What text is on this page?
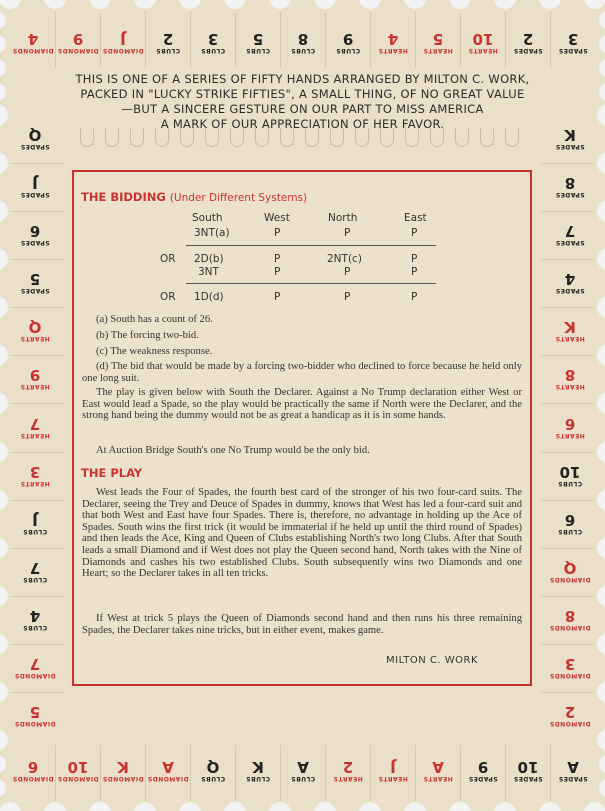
THIS IS ONE OF A SERIES OF FIFTY HANDS ARRANGED BY MILTON C. WORK,
PACKED IN "LUCKY STRIKE FIFTIES", A SMALL THING, OF NO GREAT VALUE
—BUT A SINCERE GESTURE ON OUR PART TO MISS AMERICA
A MARK OF OUR APPRECIATION OF HER FAVOR.
THE BIDDING (Under Different Systems)
South	West	North	East
3NT(a)	P	P	P
OR 2D(b)	P	2NT(c)	P
3NT	P	P	P
OR 1D(d)	P	P	P
(a) South has a count of 26.
(b) The forcing two-bid.
(c) The weakness response.
(d) The bid that would be made by a forcing two-bidder who declined to force because he held only one long suit.
The play is given below with South the Declarer. Against a No Trump declaration either West or East would lead a Spade, so the play would be practically the same if North were the Declarer, and the strong hand being the dummy would not be as great a handicap as it is in some hands.
At Auction Bridge South's one No Trump would be the only bid.
THE PLAY
West leads the Four of Spades, the fourth best card of the stronger of his two four-card suits. The Declarer, seeing the Trey and Deuce of Spades in dummy, knows that West has led a four-card suit and that both West and East have four Spades. There is, therefore, no advantage in holding up the Ace of Spades. South wins the first trick (it would be immaterial if he held up until the third round of Spades) and then leads the Ace, King and Queen of Clubs establishing North's two long Clubs. After that South leads a small Diamond and if West does not play the Queen second hand, North takes with the Nine of Diamonds and cashes his two established Clubs. South subsequently wins two Diamonds and one Heart; so the Declarer takes in all ten tricks.
If West at trick 5 plays the Queen of Diamonds second hand and then runs his three remaining Spades, the Declarer takes nine tricks, but in either event, makes game.
MILTON C. WORK
DIAMONDS
4
DIAMONDS
9
DIAMONDS
J
CLUBS
2
CLUBS
3
CLUBS
5
CLUBS
8
CLUBS
9
HEARTS
4
HEARTS
5
HEARTS
10
SPADES
2
SPADES
3
DIAMONDS
6
DIAMONDS
10
DIAMONDS
K
DIAMONDS
A
CLUBS
Q
CLUBS
K
CLUBS
A
HEARTS
2
HEARTS
J
HEARTS
A
SPADES
9
SPADES
10
SPADES
A
SPADES
Q
SPADES
J
SPADES
6
SPADES
5
HEARTS
Q
HEARTS
9
HEARTS
7
HEARTS
3
CLUBS
J
CLUBS
7
CLUBS
4
DIAMONDS
7
DIAMONDS
5
SPADES
K
SPADES
8
SPADES
7
SPADES
4
HEARTS
K
HEARTS
8
HEARTS
6
CLUBS
10
CLUBS
6
DIAMONDS
Q
DIAMONDS
8
DIAMONDS
3
DIAMONDS
2
